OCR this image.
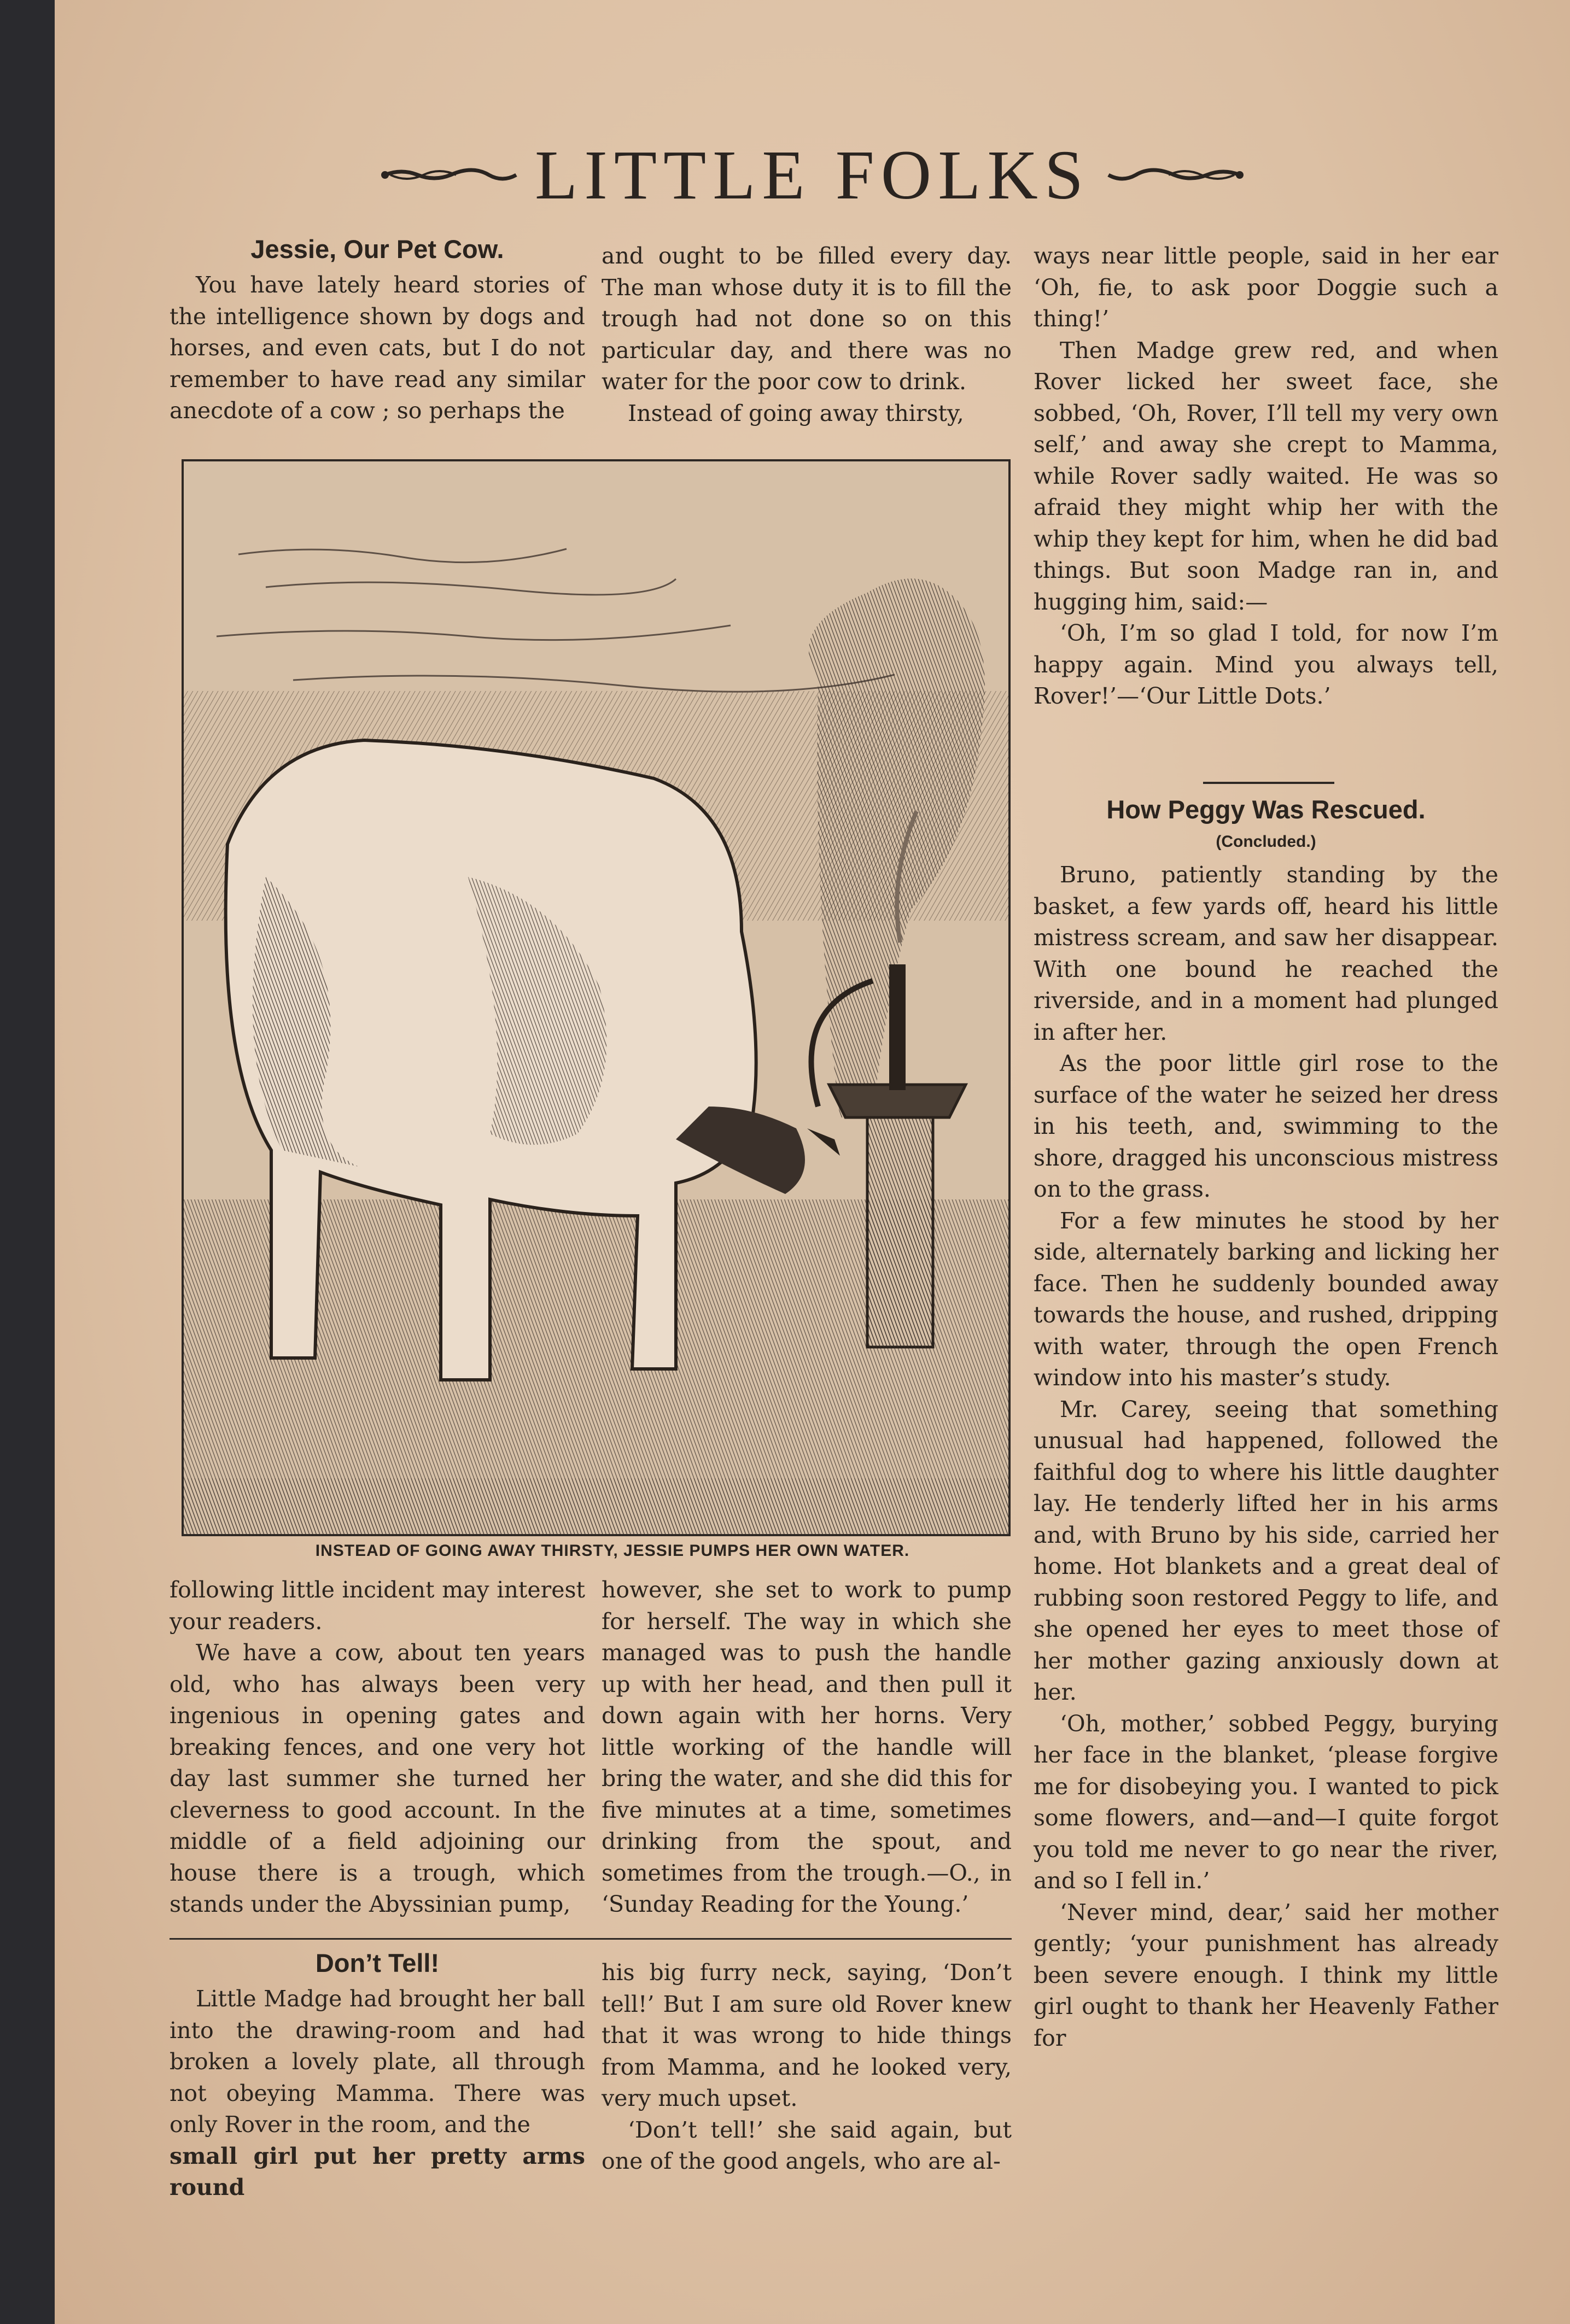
LITTLE FOLKS
Jessie, Our Pet Cow.

You have lately heard stories of the intelligence shown by dogs and horses, and even cats, but I do not remember to have read any similar anecdote of a cow ; so perhaps the

and ought to be filled every day. The man whose duty it is to fill the trough had not done so on this particular day, and there was no water for the poor cow to drink.

Instead of going away thirsty,

INSTEAD OF GOING AWAY THIRSTY, JESSIE PUMPS HER OWN WATER.

following little incident may interest your readers.

We have a cow, about ten years old, who has always been very ingenious in opening gates and breaking fences, and one very hot day last summer she turned her cleverness to good account. In the middle of a field adjoining our house there is a trough, which stands under the Abyssinian pump,

however, she set to work to pump for herself. The way in which she managed was to push the handle up with her head, and then pull it down again with her horns. Very little working of the handle will bring the water, and she did this for five minutes at a time, sometimes drinking from the spout, and sometimes from the trough.—O., in ‘Sunday Reading for the Young.’

Don’t Tell!

Little Madge had brought her ball into the drawing-room and had broken a lovely plate, all through not obeying Mamma. There was only Rover in the room, and the

small girl put her pretty arms round

his big furry neck, saying, ‘Don’t tell!’ But I am sure old Rover knew that it was wrong to hide things from Mamma, and he looked very, very much upset.

‘Don’t tell!’ she said again, but one of the good angels, who are al-

ways near little people, said in her ear ‘Oh, fie, to ask poor Doggie such a thing!’

Then Madge grew red, and when Rover licked her sweet face, she sobbed, ‘Oh, Rover, I’ll tell my very own self,’ and away she crept to Mamma, while Rover sadly waited. He was so afraid they might whip her with the whip they kept for him, when he did bad things. But soon Madge ran in, and hugging him, said:—

‘Oh, I’m so glad I told, for now I’m happy again. Mind you always tell, Rover!’—‘Our Little Dots.’

How Peggy Was Rescued.
(Concluded.)

Bruno, patiently standing by the basket, a few yards off, heard his little mistress scream, and saw her disappear. With one bound he reached the riverside, and in a moment had plunged in after her.

As the poor little girl rose to the surface of the water he seized her dress in his teeth, and, swimming to the shore, dragged his unconscious mistress on to the grass.

For a few minutes he stood by her side, alternately barking and licking her face. Then he suddenly bounded away towards the house, and rushed, dripping with water, through the open French window into his master’s study.

Mr. Carey, seeing that something unusual had happened, followed the faithful dog to where his little daughter lay. He tenderly lifted her in his arms and, with Bruno by his side, carried her home. Hot blankets and a great deal of rubbing soon restored Peggy to life, and she opened her eyes to meet those of her mother gazing anxiously down at her.

‘Oh, mother,’ sobbed Peggy, burying her face in the blanket, ‘please forgive me for disobeying you. I wanted to pick some flowers, and—and—I quite forgot you told me never to go near the river, and so I fell in.’

‘Never mind, dear,’ said her mother gently; ‘your punishment has already been severe enough. I think my little girl ought to thank her Heavenly Father for
